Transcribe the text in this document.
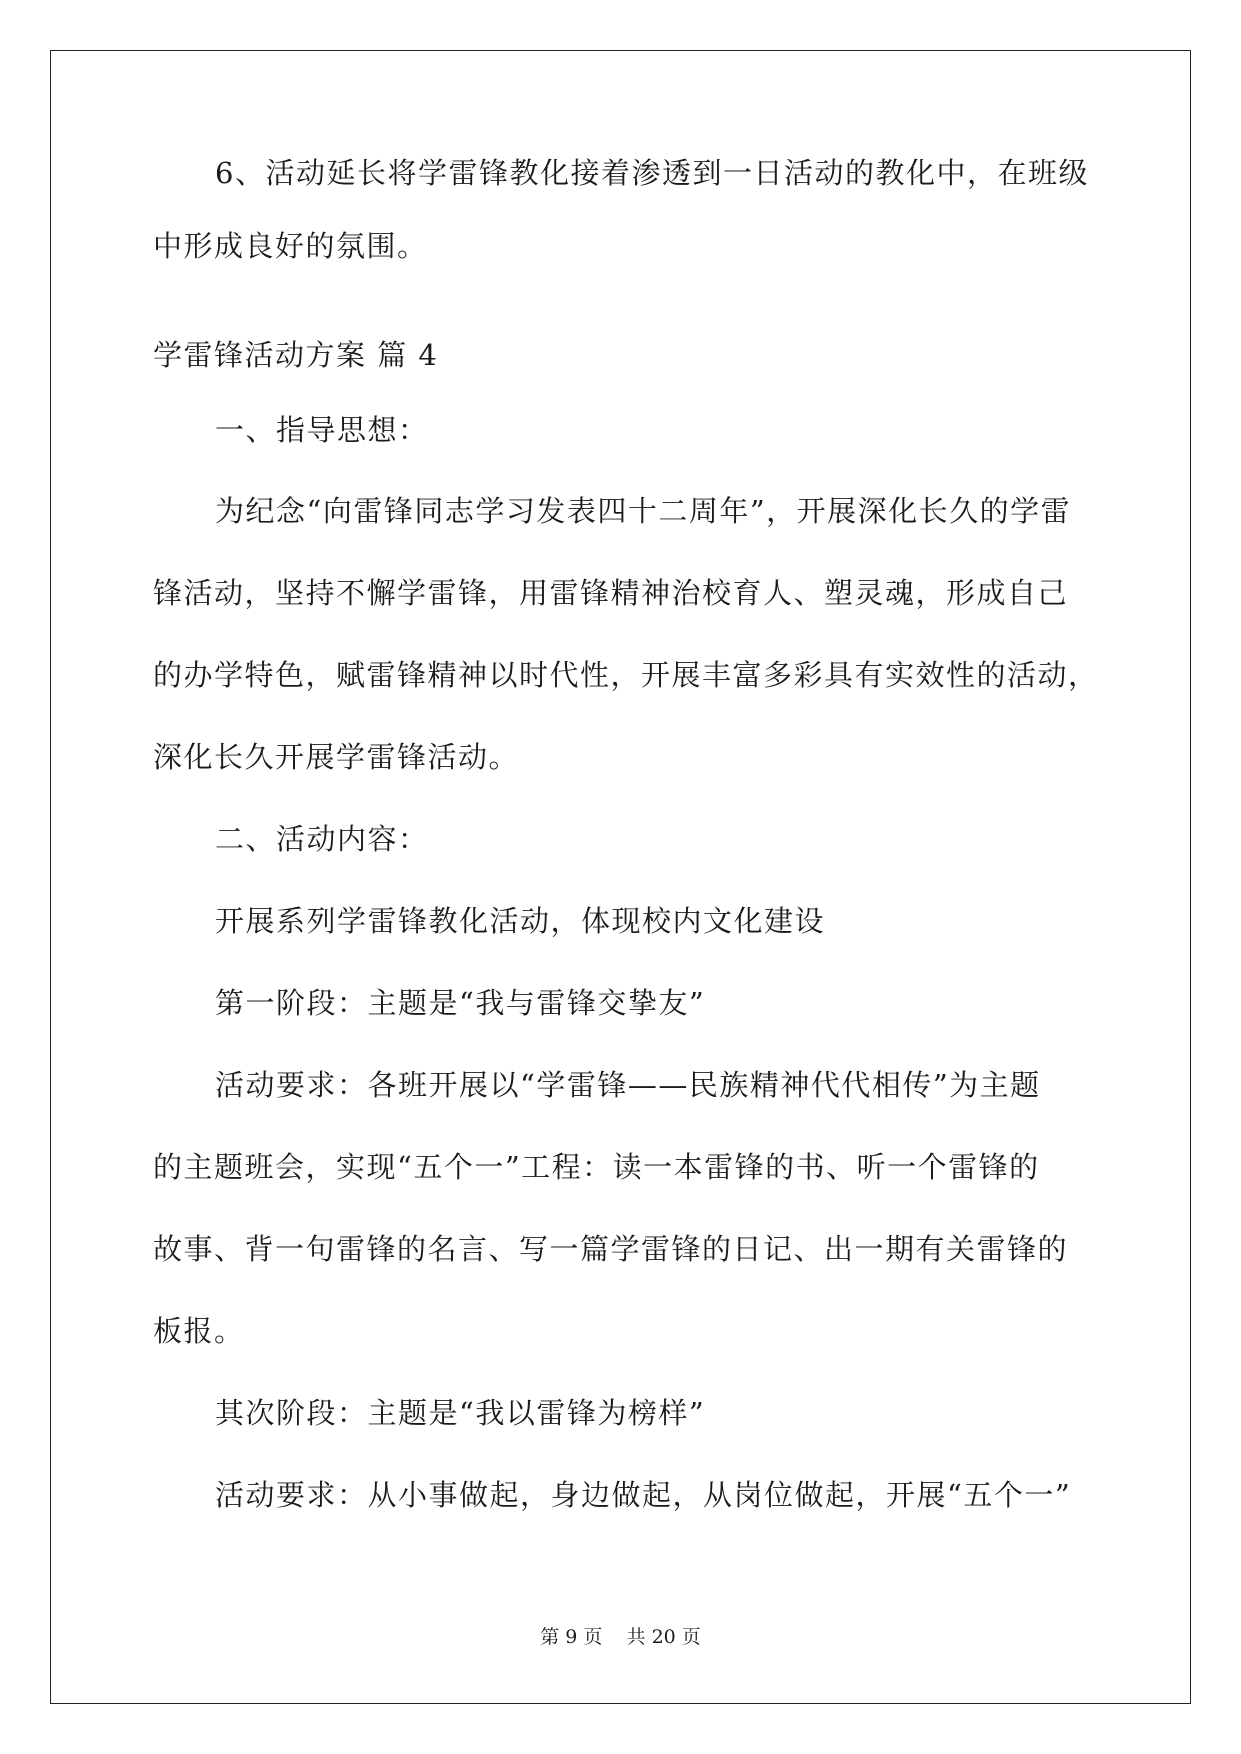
6、活动延长将学雷锋教化接着渗透到一日活动的教化中，在班级
中形成良好的氛围。
学雷锋活动方案 篇 4
一、指导思想：
为纪念“向雷锋同志学习发表四十二周年”，开展深化长久的学雷
锋活动，坚持不懈学雷锋，用雷锋精神治校育人、塑灵魂，形成自己
的办学特色，赋雷锋精神以时代性，开展丰富多彩具有实效性的活动，
深化长久开展学雷锋活动。
二、活动内容：
开展系列学雷锋教化活动，体现校内文化建设
第一阶段：主题是“我与雷锋交挚友”
活动要求：各班开展以“学雷锋——民族精神代代相传”为主题
的主题班会，实现“五个一”工程：读一本雷锋的书、听一个雷锋的
故事、背一句雷锋的名言、写一篇学雷锋的日记、出一期有关雷锋的
板报。
其次阶段：主题是“我以雷锋为榜样”
活动要求：从小事做起，身边做起，从岗位做起，开展“五个一”
第 9 页    共 20 页
